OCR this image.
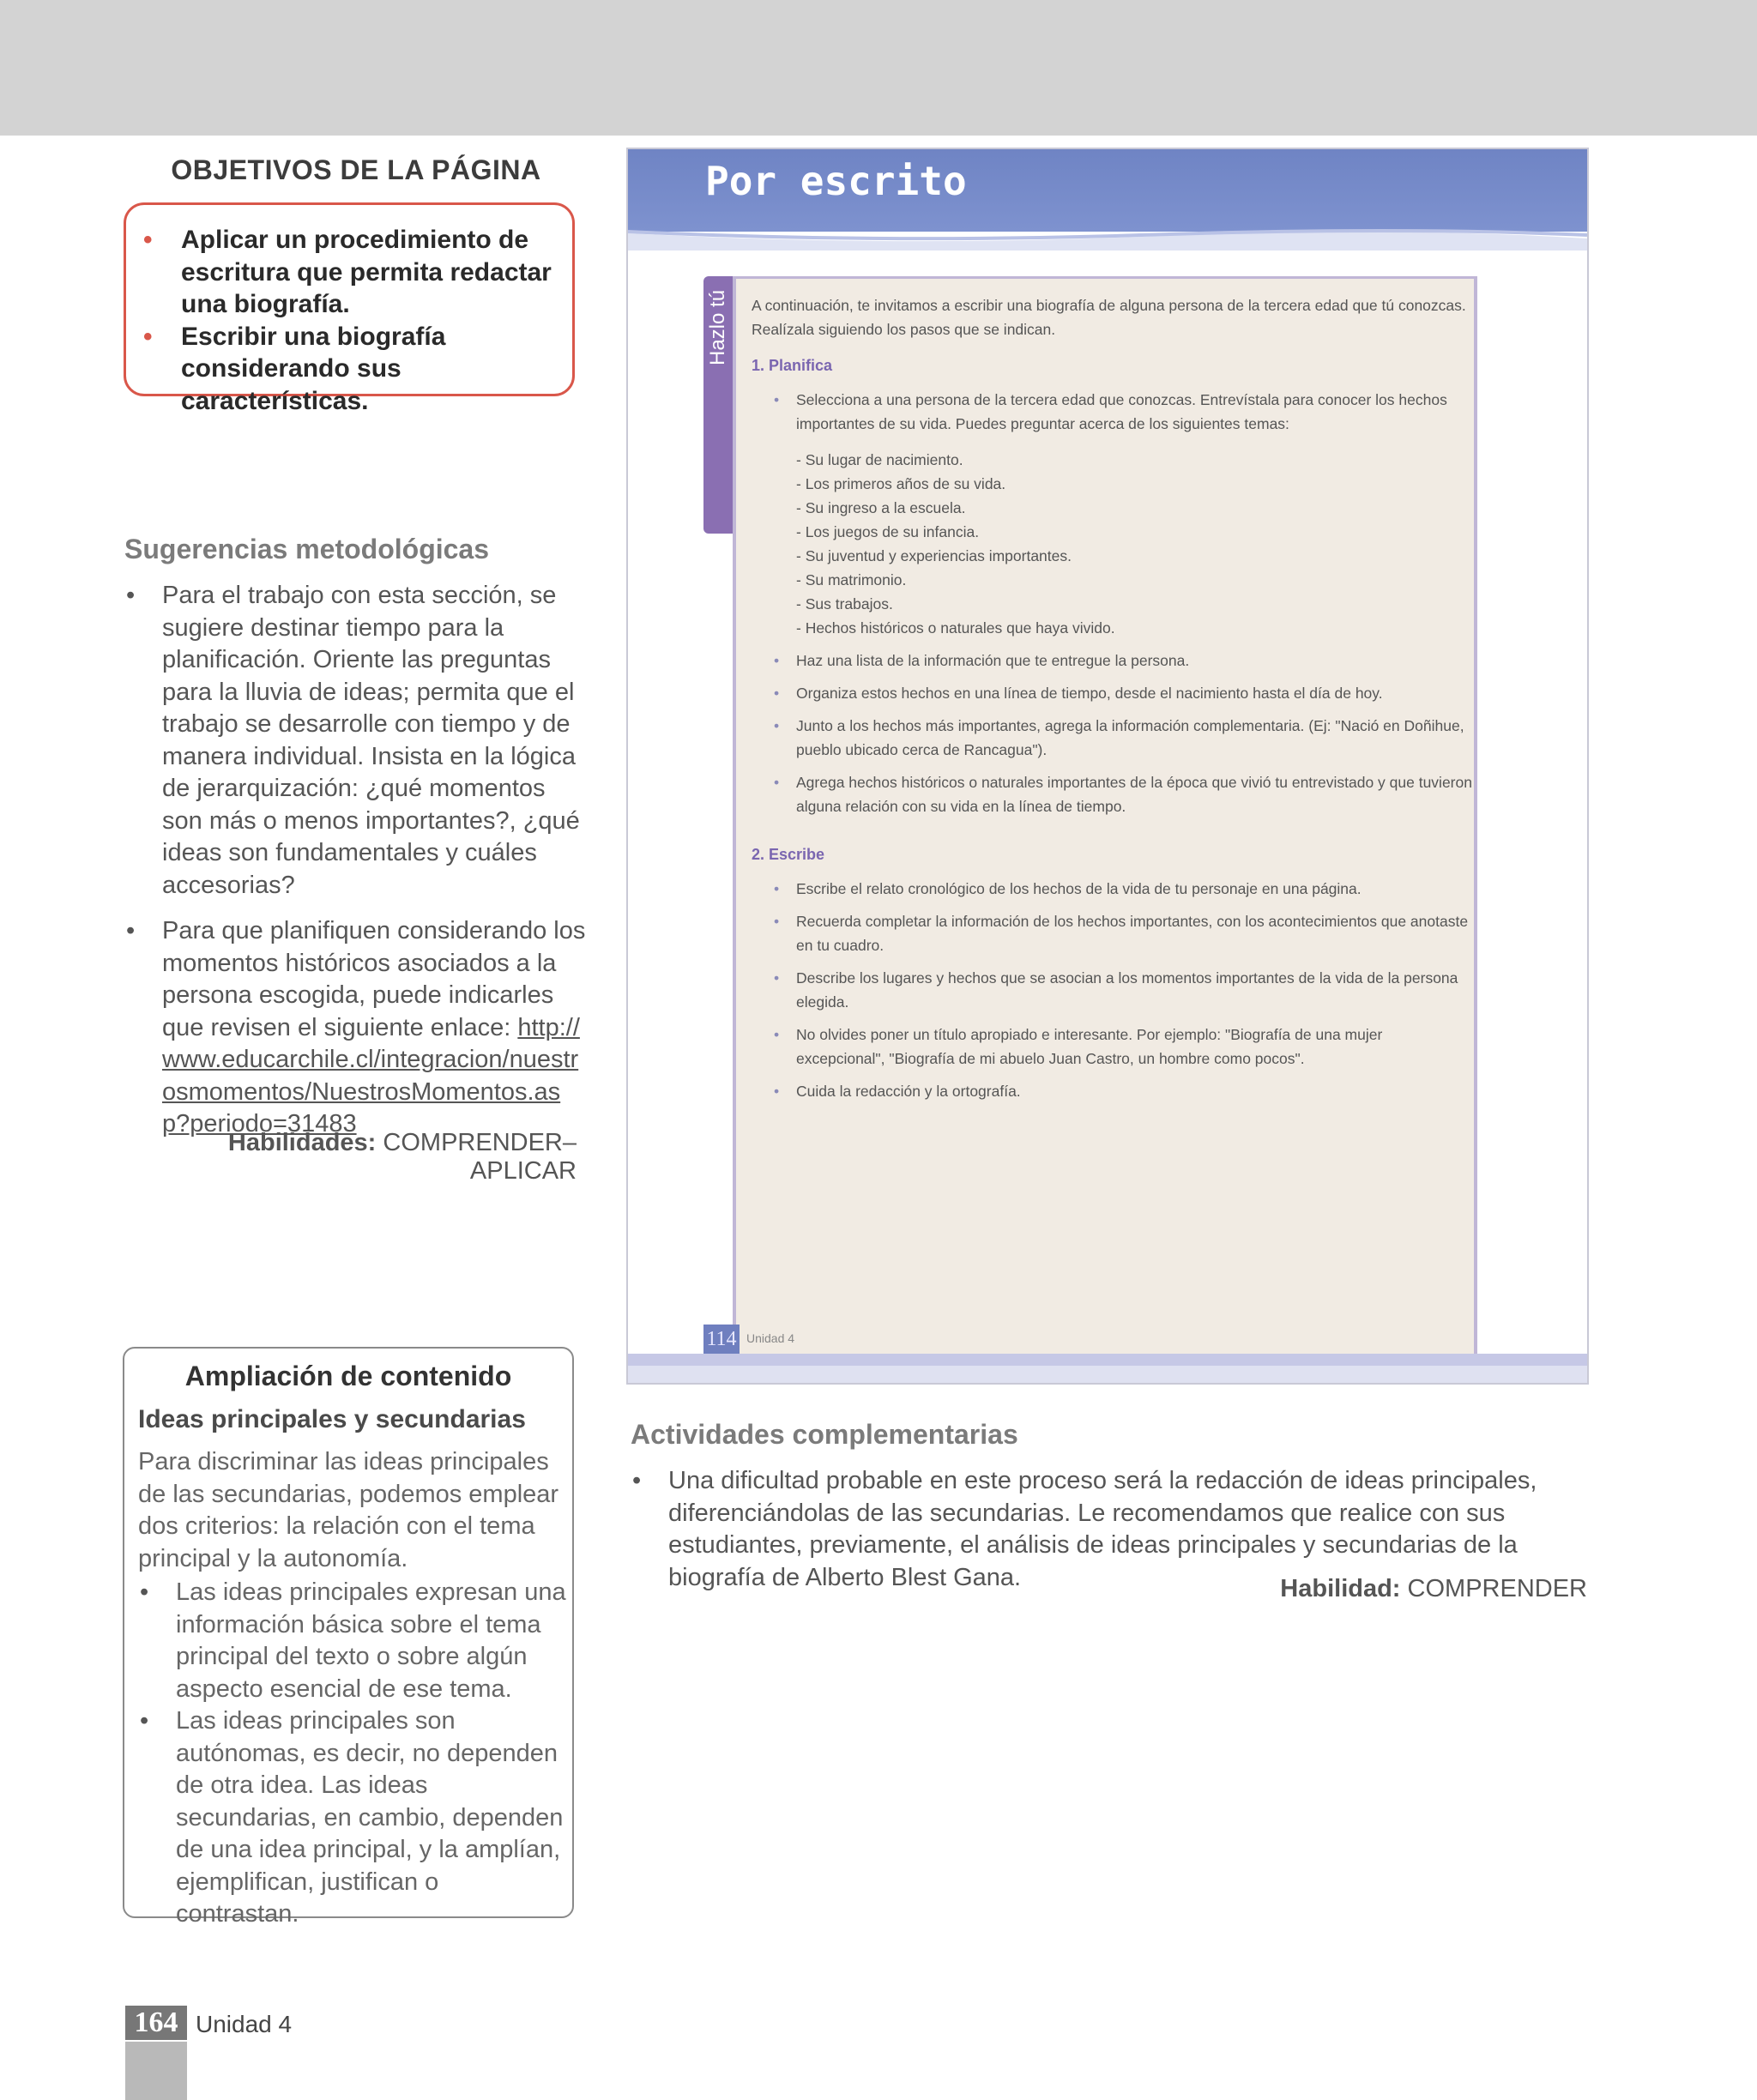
OBJETIVOS DE LA PÁGINA
• Aplicar un procedimiento de escritura que permita redactar una biografía.
• Escribir una biografía considerando sus características.
Sugerencias metodológicas
• Para el trabajo con esta sección, se sugiere destinar tiempo para la planificación. Oriente las preguntas para la lluvia de ideas; permita que el trabajo se desarrolle con tiempo y de manera individual. Insista en la lógica de jerarquización: ¿qué momentos son más o menos importantes?, ¿qué ideas son fundamentales y cuáles accesorias?
• Para que planifiquen considerando los momentos históricos asociados a la persona escogida, puede indicarles que revisen el siguiente enlace: http://www.educarchile.cl/integracion/nuestrosmomentos/NuestrosMomentos.asp?periodo=31483
Habilidades: COMPRENDER–APLICAR
Ampliación de contenido
Ideas principales y secundarias
Para discriminar las ideas principales de las secundarias, podemos emplear dos criterios: la relación con el tema principal y la autonomía.
• Las ideas principales expresan una información básica sobre el tema principal del texto o sobre algún aspecto esencial de ese tema.
• Las ideas principales son autónomas, es decir, no dependen de otra idea. Las ideas secundarias, en cambio, dependen de una idea principal, y la amplían, ejemplifican, justifican o contrastan.
164 Unidad 4
Por escrito
Hazlo tú A continuación, te invitamos a escribir una biografía de alguna persona de la tercera edad que tú conozcas. Realízala siguiendo los pasos que se indican.

1. Planifica
• Selecciona a una persona de la tercera edad que conozcas. Entrevístala para conocer los hechos importantes de su vida. Puedes preguntar acerca de los siguientes temas:
- Su lugar de nacimiento.
- Los primeros años de su vida.
- Su ingreso a la escuela.
- Los juegos de su infancia.
- Su juventud y experiencias importantes.
- Su matrimonio.
- Sus trabajos.
- Hechos históricos o naturales que haya vivido.
• Haz una lista de la información que te entregue la persona.
• Organiza estos hechos en una línea de tiempo, desde el nacimiento hasta el día de hoy.
• Junto a los hechos más importantes, agrega la información complementaria. (Ej: "Nació en Doñihue, pueblo ubicado cerca de Rancagua").
• Agrega hechos históricos o naturales importantes de la época que vivió tu entrevistado y que tuvieron alguna relación con su vida en la línea de tiempo.
2. Escribe
• Escribe el relato cronológico de los hechos de la vida de tu personaje en una página.
• Recuerda completar la información de los hechos importantes, con los acontecimientos que anotaste en tu cuadro.
• Describe los lugares y hechos que se asocian a los momentos importantes de la vida de la persona elegida.
• No olvides poner un título apropiado e interesante. Por ejemplo: "Biografía de una mujer excepcional", "Biografía de mi abuelo Juan Castro, un hombre como pocos".
• Cuida la redacción y la ortografía.
114 Unidad 4
Actividades complementarias
• Una dificultad probable en este proceso será la redacción de ideas principales, diferenciándolas de las secundarias. Le recomendamos que realice con sus estudiantes, previamente, el análisis de ideas principales y secundarias de la biografía de Alberto Blest Gana.	Habilidad: COMPRENDER
